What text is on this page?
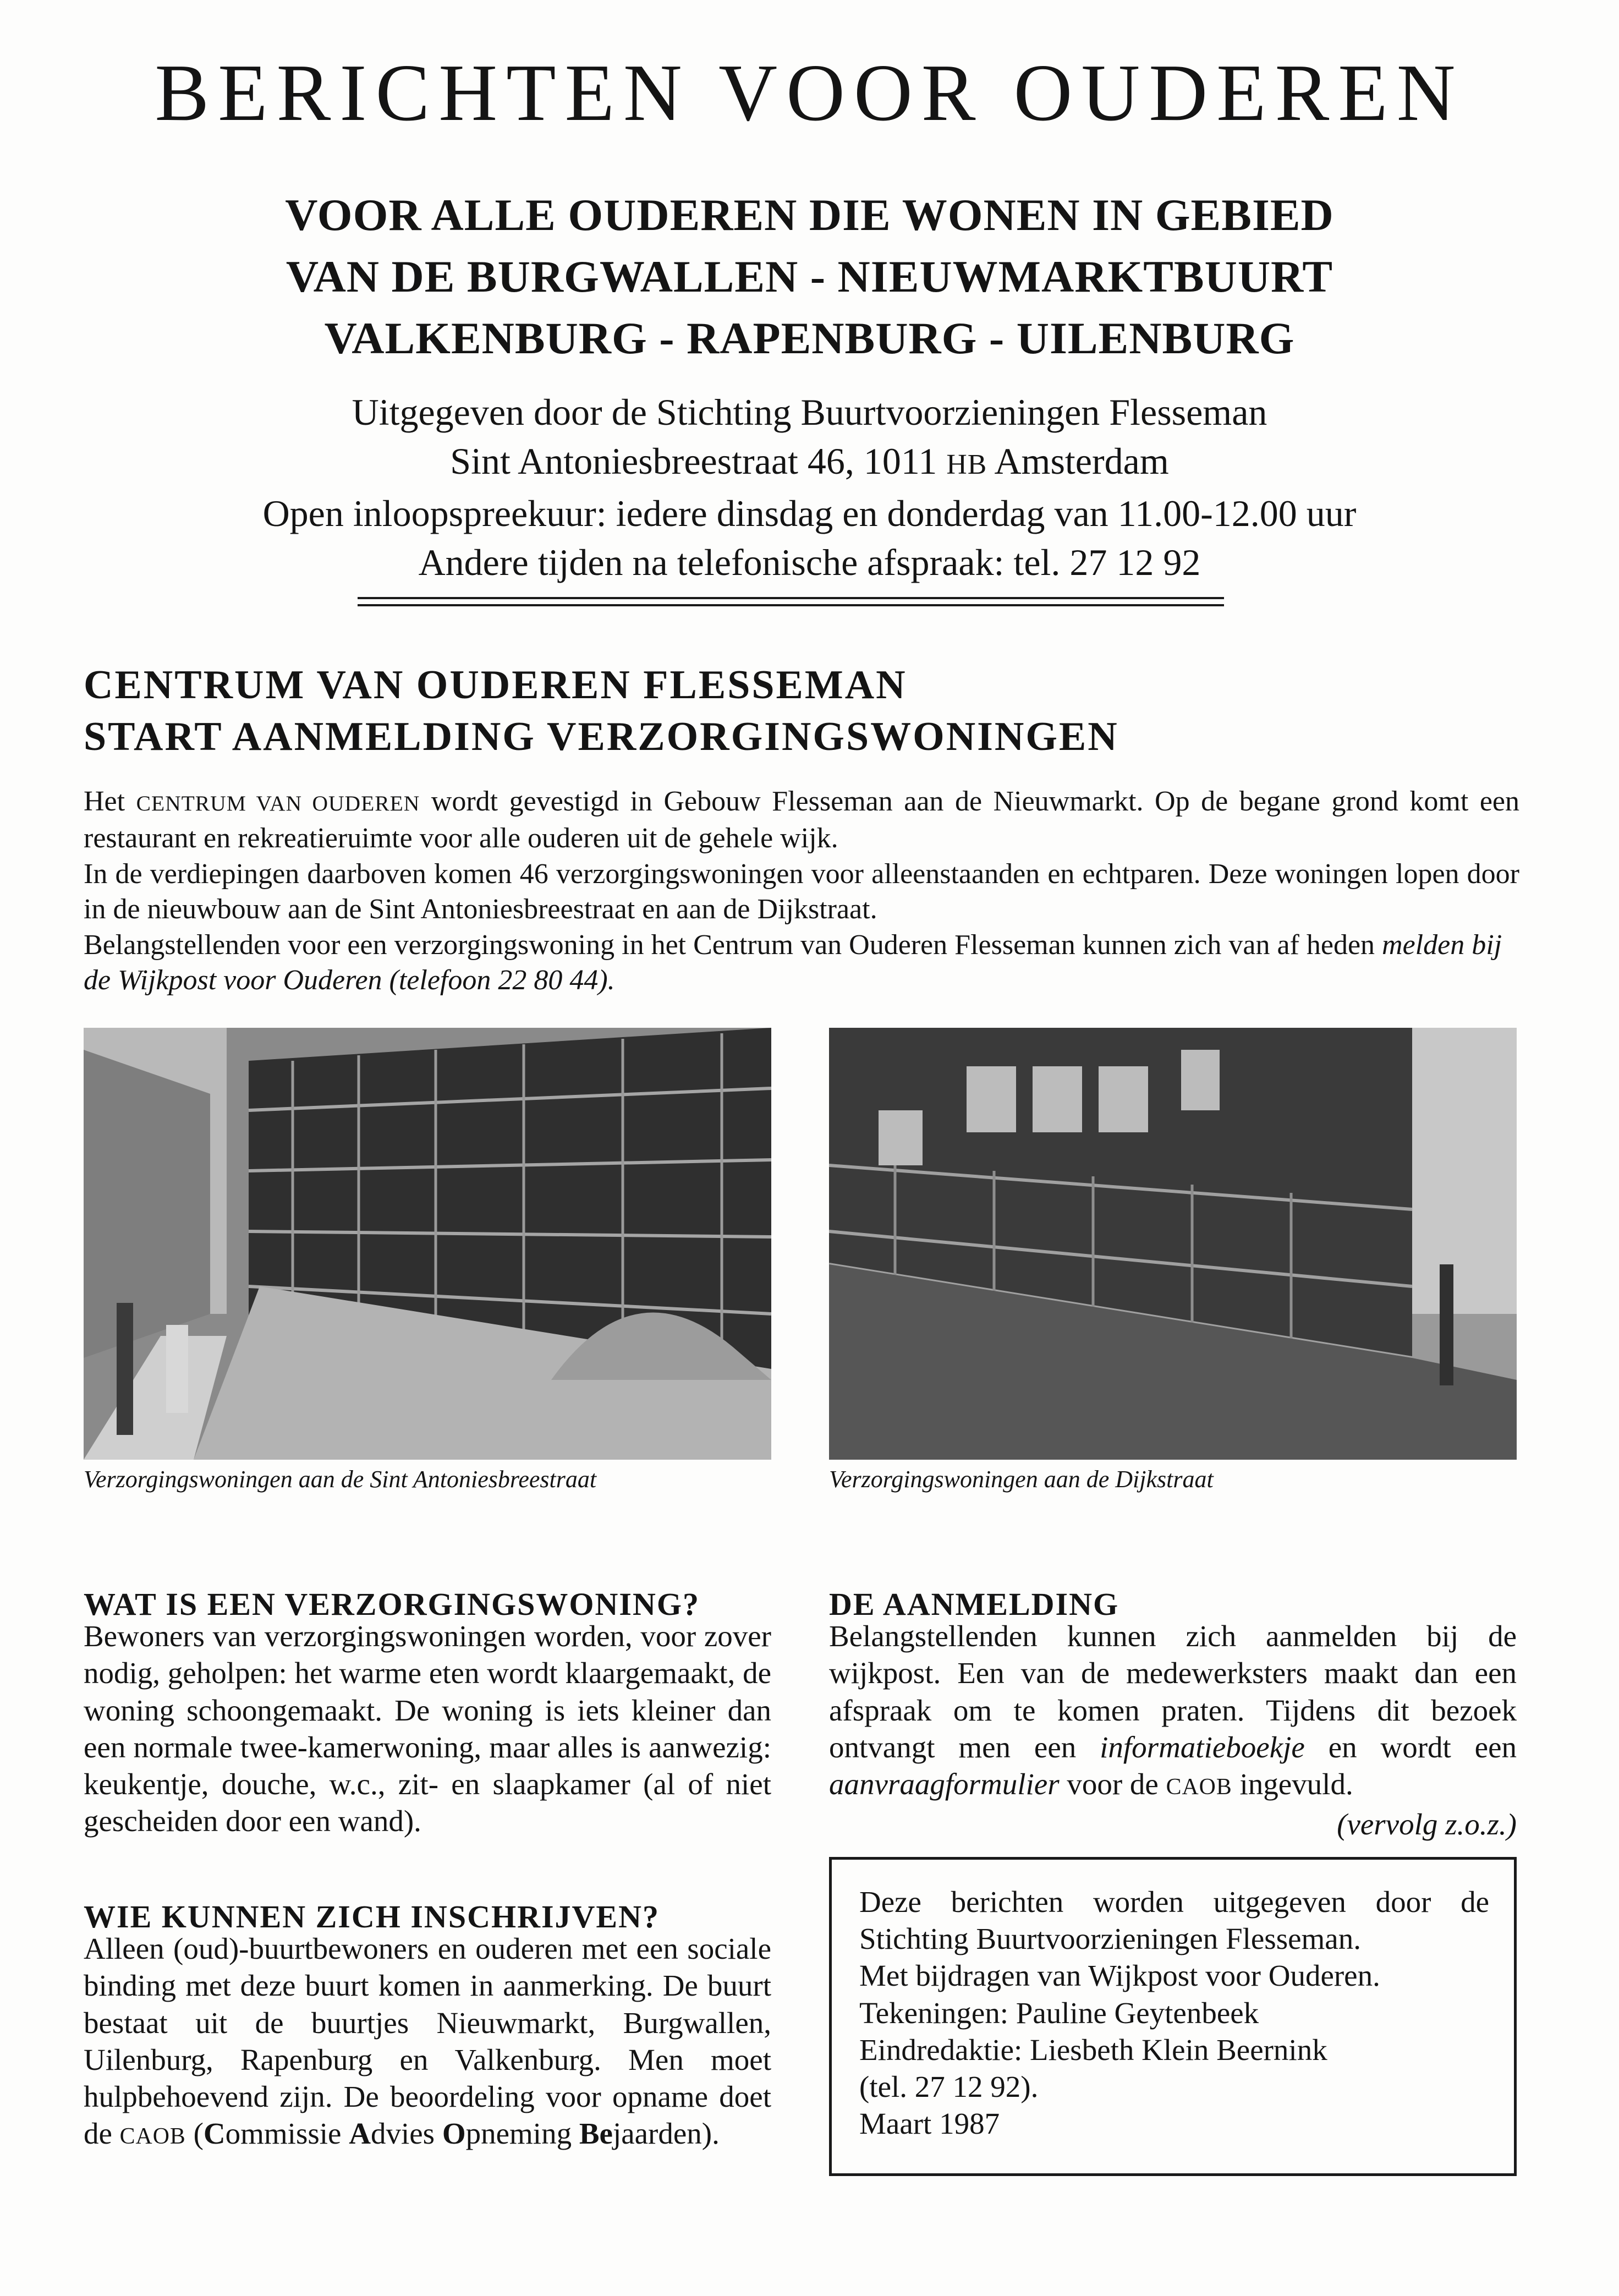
BERICHTEN VOOR OUDEREN
VOOR ALLE OUDEREN DIE WONEN IN GEBIED
VAN DE BURGWALLEN - NIEUWMARKTBUURT
VALKENBURG - RAPENBURG - UILENBURG
Uitgegeven door de Stichting Buurtvoorzieningen Flesseman
Sint Antoniesbreestraat 46, 1011 HB Amsterdam
Open inloopspreekuur: iedere dinsdag en donderdag van 11.00-12.00 uur
Andere tijden na telefonische afspraak: tel. 27 12 92
CENTRUM VAN OUDEREN FLESSEMAN
START AANMELDING VERZORGINGSWONINGEN

Het CENTRUM VAN OUDEREN wordt gevestigd in Gebouw Flesseman aan de Nieuwmarkt. Op de begane grond komt een restaurant en rekreatieruimte voor alle ouderen uit de gehele wijk.

In de verdiepingen daarboven komen 46 verzorgingswoningen voor alleenstaanden en echtparen. Deze woningen lopen door in de nieuwbouw aan de Sint Antoniesbreestraat en aan de Dijkstraat.

Belangstellenden voor een verzorgingswoning in het Centrum van Ouderen Flesseman kunnen zich van af heden melden bij de Wijkpost voor Ouderen (telefoon 22 80 44).

Verzorgingswoningen aan de Sint Antoniesbreestraat	Verzorgingswoningen aan de Dijkstraat
WAT IS EEN VERZORGINGSWONING?

Bewoners van verzorgingswoningen worden, voor zover nodig, geholpen: het warme eten wordt klaargemaakt, de woning schoongemaakt. De woning is iets kleiner dan een normale twee-kamerwoning, maar alles is aanwezig: keukentje, douche, w.c., zit- en slaapkamer (al of niet gescheiden door een wand).

WIE KUNNEN ZICH INSCHRIJVEN?

Alleen (oud)-buurtbewoners en ouderen met een sociale binding met deze buurt komen in aanmerking. De buurt bestaat uit de buurtjes Nieuwmarkt, Burgwallen, Uilenburg, Rapenburg en Valkenburg. Men moet hulpbehoevend zijn. De beoordeling voor opname doet de CAOB (Commissie Advies Opneming Bejaarden).

DE AANMELDING

Belangstellenden kunnen zich aanmelden bij de wijkpost. Een van de medewerksters maakt dan een afspraak om te komen praten. Tijdens dit bezoek ontvangt men een informatieboekje en wordt een aanvraagformulier voor de CAOB ingevuld.
(vervolg z.o.z.)

Deze berichten worden uitgegeven door de

Stichting Buurtvoorzieningen Flesseman.

Met bijdragen van Wijkpost voor Ouderen.

Tekeningen: Pauline Geytenbeek

Eindredaktie: Liesbeth Klein Beernink

(tel. 27 12 92).

Maart 1987
